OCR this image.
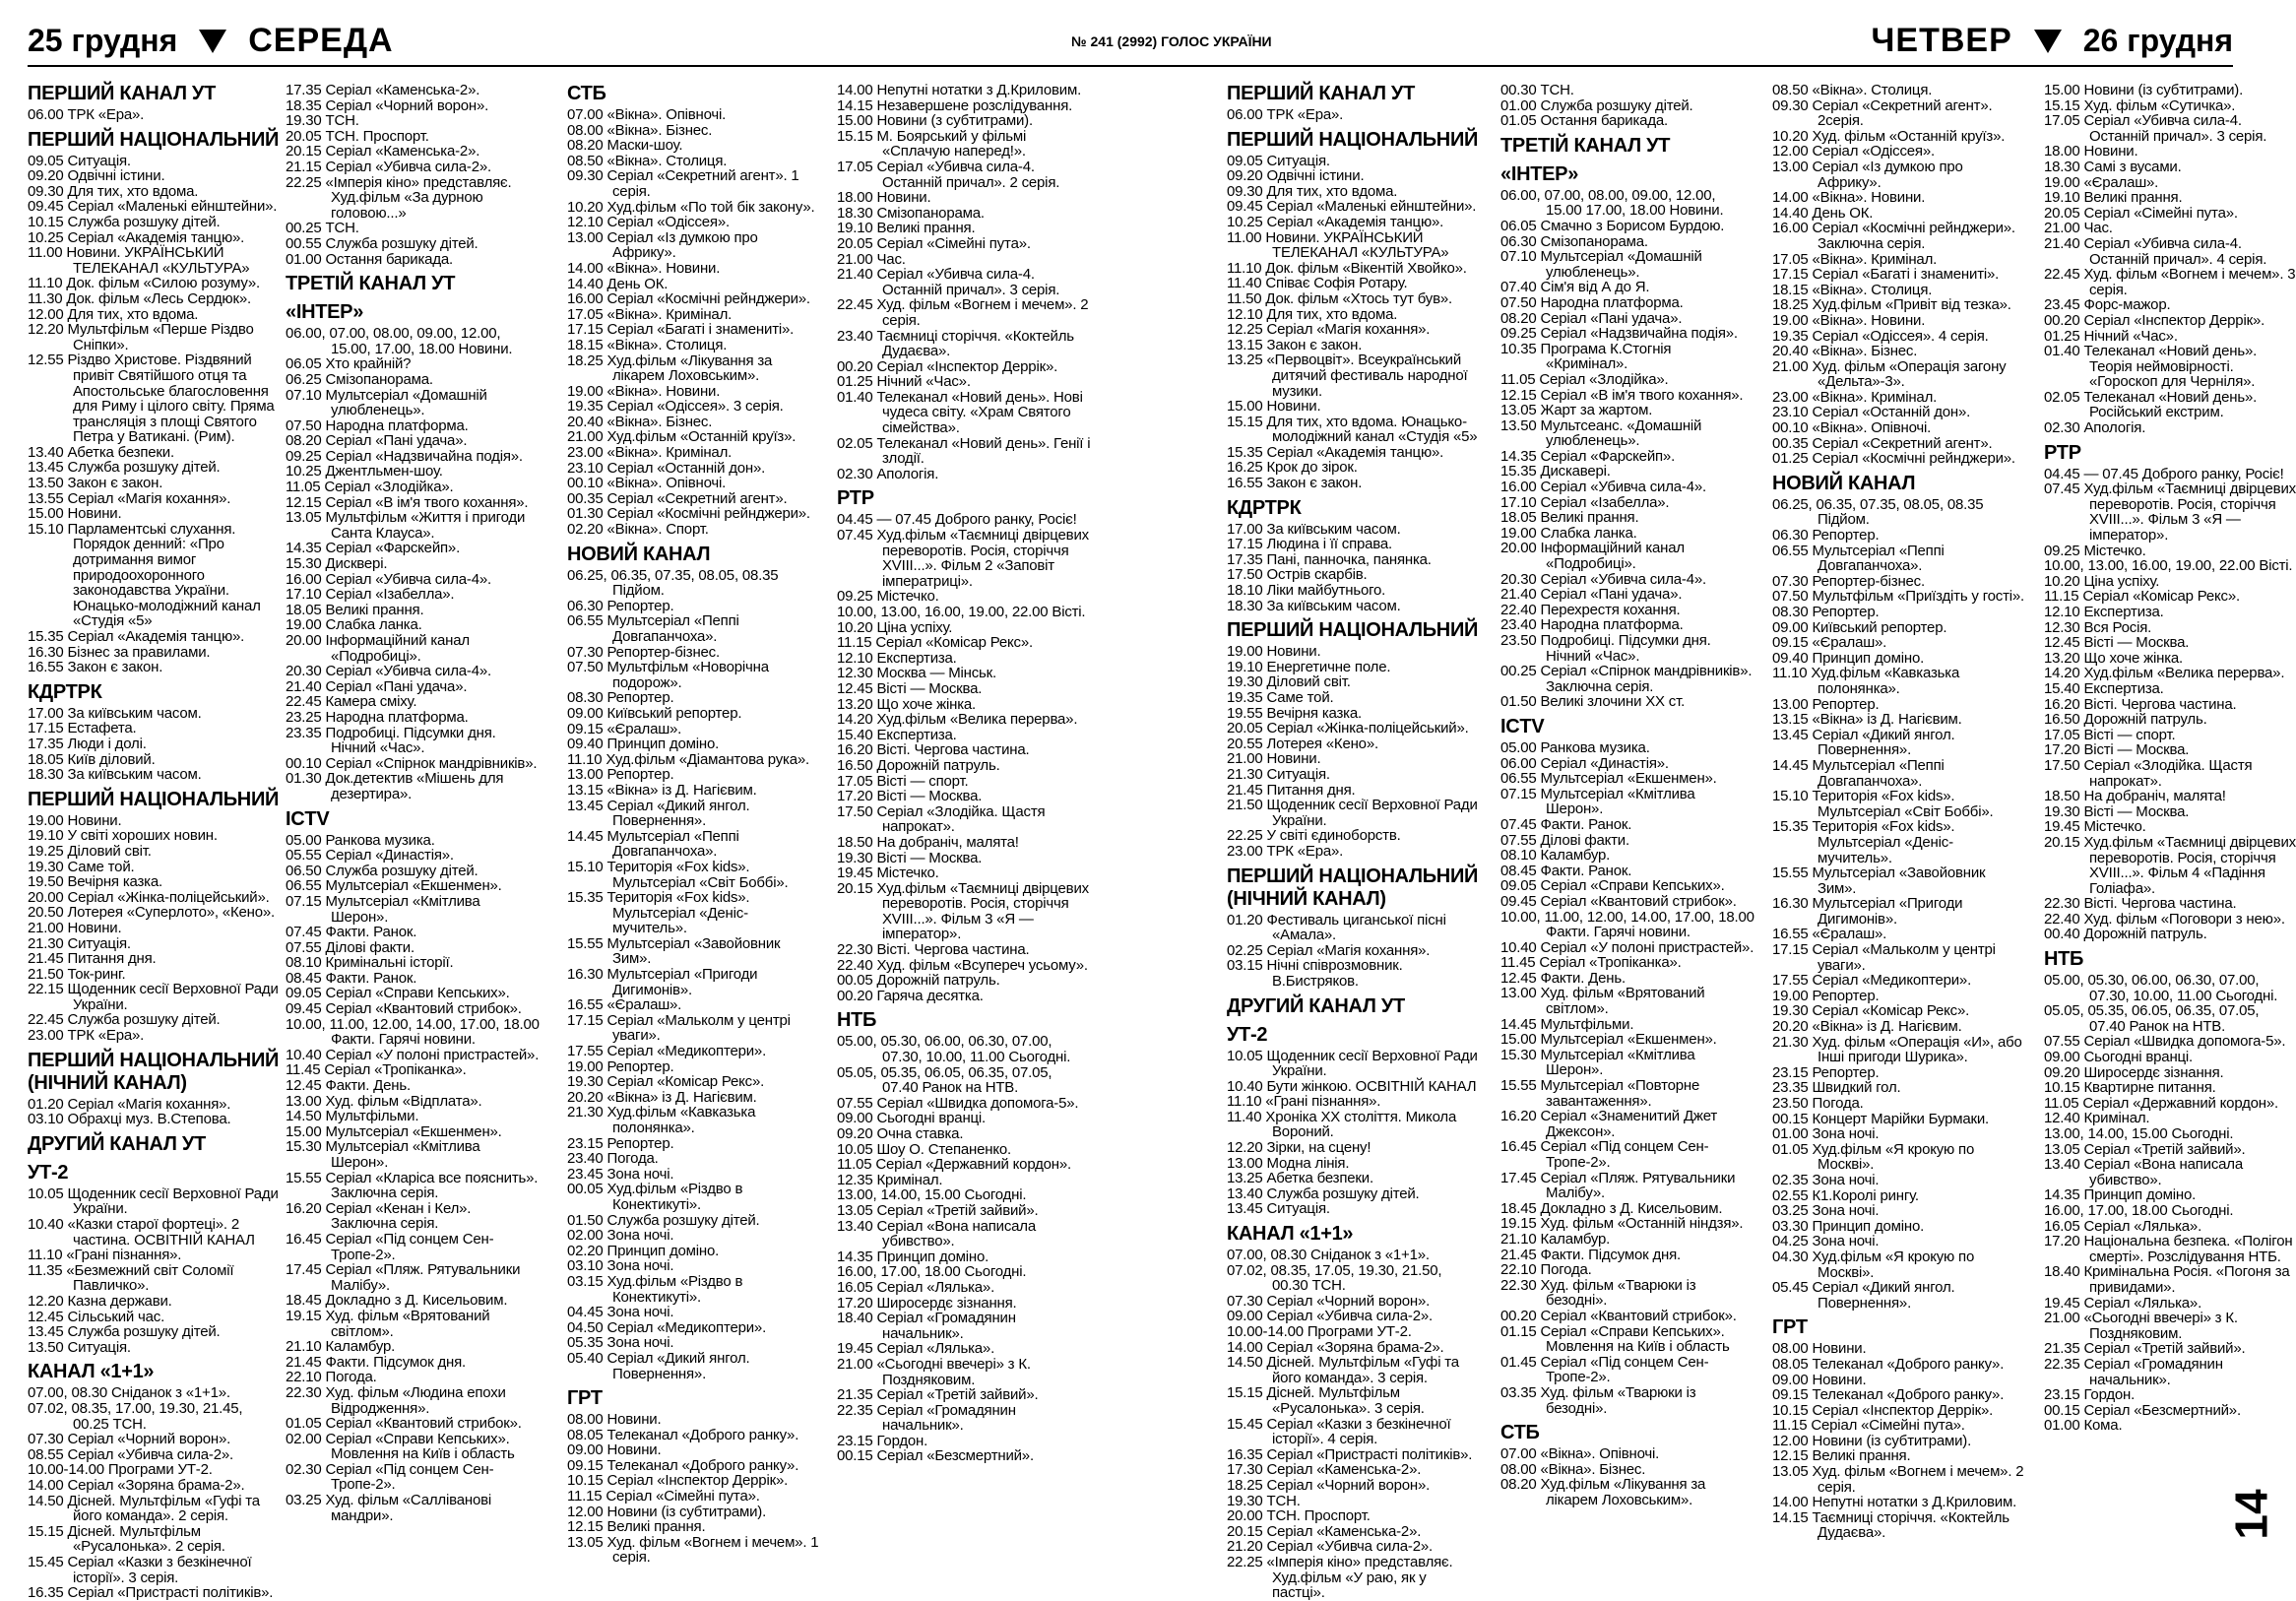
25 грудня СЕРЕДА	№ 241 (2992) ГОЛОС УКРАЇНИ	ЧЕТВЕР 26 грудня
ПЕРШИЙ КАНАЛ УТ
06.00 ТРК «Ера».
ПЕРШИЙ НАЦІОНАЛЬНИЙ
09.05 Ситуація.
09.20 Одвічні істини.
09.30 Для тих, хто вдома.
09.45 Серіал «Маленькі ейнштейни».
10.15 Служба розшуку дітей.
10.25 Серіал «Академія танцю».
11.00 Новини. УКРАЇНСЬКИЙ ТЕЛЕКАНАЛ «КУЛЬТУРА»
11.10 Док. фільм «Силою розуму».
11.30 Док. фільм «Лесь Сердюк».
12.00 Для тих, хто вдома.
12.20 Мультфільм «Перше Різдво Сніпки».
12.55 Різдво Христове. Різдвяний привіт Святійшого отця та Апостольське благословення для Риму і цілого світу. Пряма трансляція з площі Святого Петра у Ватикані. (Рим).
13.40 Абетка безпеки.
13.45 Служба розшуку дітей.
13.50 Закон є закон.
13.55 Серіал «Магія кохання».
15.00 Новини.
15.10 Парламентські слухання. Порядок денний: «Про дотримання вимог природоохоронного законодавства України. Юнацько-молодіжний канал «Студія «5»
15.35 Серіал «Академія танцю».
16.30 Бізнес за правилами.
16.55 Закон є закон.
КДРТРК
17.00 За київським часом.
17.15 Естафета.
17.35 Люди і долі.
18.05 Київ діловий.
18.30 За київським часом.
ПЕРШИЙ НАЦІОНАЛЬНИЙ
19.00 Новини.
19.10 У світі хороших новин.
19.25 Діловий світ.
19.30 Саме той.
19.50 Вечірня казка.
20.00 Серіал «Жінка-поліцейський».
20.50 Лотерея «Суперлото», «Кено».
21.00 Новини.
21.30 Ситуація.
21.45 Питання дня.
21.50 Ток-ринг.
22.15 Щоденник сесії Верховної Ради України.
22.45 Служба розшуку дітей.
23.00 ТРК «Ера».
ПЕРШИЙ НАЦІОНАЛЬНИЙ (НІЧНИЙ КАНАЛ)
01.20 Серіал «Магія кохання».
03.10 Обрахці муз. В.Степова.
ДРУГИЙ КАНАЛ УТ
УТ-2
10.05 Щоденник сесії Верховної Ради України.
10.40 «Казки старої фортеці». 2 частина. ОСВІТНІЙ КАНАЛ
11.10 «Грані пізнання».
11.35 «Безмежний світ Соломії Павличко».
12.20 Казна держави.
12.45 Сільський час.
13.45 Служба розшуку дітей.
13.50 Ситуація.
КАНАЛ «1+1»
07.00, 08.30 Сніданок з «1+1».
07.02, 08.35, 17.00, 19.30, 21.45, 00.25 ТСН.
07.30 Серіал «Чорний ворон».
08.55 Серіал «Убивча сила-2».
10.00-14.00 Програми УТ-2.
14.00 Серіал «Зоряна брама-2».
14.50 Дісней. Мультфільм «Гуфі та його команда». 2 серія.
15.15 Дісней. Мультфільм «Русалонька». 2 серія.
15.45 Серіал «Казки з безкінечної історії». 3 серія.
16.35 Серіал «Пристрасті політиків».
17.35 Серіал «Каменська-2».
18.35 Серіал «Чорний ворон».
19.30 ТСН.
20.05 ТСН. Проспорт.
20.15 Серіал «Каменська-2».
21.15 Серіал «Убивча сила-2».
22.25 «Імперія кіно» представляє. Худ.фільм «За дурною головою...»
00.25 ТСН.
00.55 Служба розшуку дітей.
01.00 Остання барикада.
ТРЕТІЙ КАНАЛ УТ
«ІНТЕР»
06.00, 07.00, 08.00, 09.00, 12.00, 15.00, 17.00, 18.00 Новини.
06.05 Хто крайній?
06.25 Смізопанорама.
07.10 Мультсеріал «Домашній улюбленець».
07.50 Народна платформа.
08.20 Серіал «Пані удача».
09.25 Серіал «Надзвичайна подія».
10.25 Джентльмен-шоу.
11.05 Серіал «Злодійка».
12.15 Серіал «В ім'я твого кохання».
13.05 Мультфільм «Життя і пригоди Санта Клауса».
14.35 Серіал «Фарскейп».
15.30 Дисквері.
16.00 Серіал «Убивча сила-4».
17.10 Серіал «Ізабелла».
18.05 Великі прання.
19.00 Слабка ланка.
20.00 Інформаційний канал «Подробиці».
20.30 Серіал «Убивча сила-4».
21.40 Серіал «Пані удача».
22.45 Камера сміху.
23.25 Народна платформа.
23.35 Подробиці. Підсумки дня. Нічний «Час».
00.10 Серіал «Спірнок мандрівників».
01.30 Док.детектив «Мішень для дезертира».
ICTV
05.00 Ранкова музика.
05.55 Серіал «Династія».
06.50 Служба розшуку дітей.
06.55 Мультсеріал «Екшенмен».
07.15 Мультсеріал «Кмітлива Шерон».
07.45 Факти. Ранок.
07.55 Ділові факти.
08.10 Кримінальні історії.
08.45 Факти. Ранок.
09.05 Серіал «Справи Кепських».
09.45 Серіал «Квантовий стрибок».
10.00, 11.00, 12.00, 14.00, 17.00, 18.00 Факти. Гарячі новини.
10.40 Серіал «У полоні пристрастей».
11.45 Серіал «Тропіканка».
12.45 Факти. День.
13.00 Худ. фільм «Відплата».
14.50 Мультфільми.
15.00 Мультсеріал «Екшенмен».
15.30 Мультсеріал «Кмітлива Шерон».
15.55 Серіал «Кларіса все пояснить». Заключна серія.
16.20 Серіал «Кенан і Кел». Заключна серія.
16.45 Серіал «Під сонцем Сен-Тропе-2».
17.45 Серіал «Пляж. Рятувальники Малібу».
18.45 Доклaдно з Д. Кисельовим.
19.15 Худ. фільм «Врятований світлом».
21.10 Каламбур.
21.45 Факти. Підсумок дня.
22.10 Погода.
22.30 Худ. фільм «Людина епохи Відродження».
01.05 Серіал «Квантовий стрибок».
02.00 Серіал «Справи Кепських». Мовлення на Київ і область
02.30 Серіал «Під сонцем Сен-Тропе-2».
03.25 Худ. фільм «Салліванові мандри».
СТБ
07.00 «Вікна». Опівночі.
08.00 «Вікна». Бізнес.
08.20 Маски-шоу.
08.50 «Вікна». Столиця.
09.30 Серіал «Секретний агент». 1 серія.
10.20 Худ.фільм «По той бік закону».
12.10 Серіал «Одіссея».
13.00 Серіал «Із думкою про Африку».
14.00 «Вікна». Новини.
14.40 День ОК.
16.00 Серіал «Космічні рейнджери».
17.05 «Вікна». Кримінал.
17.15 Серіал «Багаті і знамениті».
18.15 «Вікна». Столиця.
18.25 Худ.фільм «Лікування за лікарем Лоховським».
19.00 «Вікна». Новини.
19.35 Серіал «Одіссея». 3 серія.
20.40 «Вікна». Бізнес.
21.00 Худ.фільм «Останній круїз».
23.00 «Вікна». Кримінал.
23.10 Серіал «Останній дон».
00.10 «Вікна». Опівночі.
00.35 Серіал «Секретний агент».
01.30 Серіал «Космічні рейнджери».
02.20 «Вікна». Спорт.
НОВИЙ КАНАЛ
06.25, 06.35, 07.35, 08.05, 08.35 Підйом.
06.30 Репортер.
06.55 Мультсеріал «Пеппі Довгапанчоха».
07.30 Репортер-бізнес.
07.50 Мультфільм «Новорічна подорож».
08.30 Репортер.
09.00 Київський репортер.
09.15 «Єралаш».
09.40 Принцип доміно.
11.10 Худ.фільм «Діамантова рука».
13.00 Репортер.
13.15 «Вікна» із Д. Нагієвим.
13.45 Серіал «Дикий янгол. Повернення».
14.45 Мультсеріал «Пеппі Довгапанчоха».
15.10 Територія «Fox kids». Мультсеріал «Світ Боббі».
15.35 Територія «Fox kids». Мультсеріал «Деніс-мучитель».
15.55 Мультсеріал «Завойовник Зим».
16.30 Мультсеріал «Пригоди Дигимонів».
16.55 «Єралаш».
17.15 Серіал «Мальколм у центрі уваги».
17.55 Серіал «Медикоптери».
19.00 Репортер.
19.30 Серіал «Комісар Рекс».
20.20 «Вікна» із Д. Нагієвим.
21.30 Худ.фільм «Кавказька полонянка».
23.15 Репортер.
23.40 Погода.
23.45 Зона ночі.
00.05 Худ.фільм «Різдво в Конектикуті».
01.50 Служба розшуку дітей.
02.00 Зона ночі.
02.20 Принцип доміно.
03.10 Зона ночі.
03.15 Худ.фільм «Різдво в Конектикуті».
04.45 Зона ночі.
04.50 Серіал «Медикоптери».
05.35 Зона ночі.
05.40 Серіал «Дикий янгол. Повернення».
ГРТ
08.00 Новини.
08.05 Телеканал «Доброго ранку».
09.00 Новини.
09.15 Телеканал «Доброго ранку».
10.15 Серіал «Інспектор Деррік».
11.15 Серіал «Сімейні путa».
12.00 Новини (із субтитрами).
12.15 Великі прання.
13.05 Худ. фільм «Вогнем і мечем». 1 серія.
14.00 Непутні нотатки з Д.Криловим.
14.15 Незавершене розслідування.
15.00 Новини (з субтитрами).
15.15 М. Боярський у фільмі «Сплачую наперед!».
17.05 Серіал «Убивча сила-4. Останній причал». 2 серія.
18.00 Новини.
18.30 Смізопанорама.
19.10 Великі прання.
20.05 Серіал «Сімейні путa».
21.00 Час.
21.40 Серіал «Убивча сила-4. Останній причал». 3 серія.
22.45 Худ. фільм «Вогнем і мечем». 2 серія.
23.40 Таємниці сторіччя. «Коктейль Дудаєва».
00.20 Серіал «Інспектор Деррік».
01.25 Нічний «Час».
01.40 Телеканал «Новий день». Нові чудеса світу. «Храм Святого сімейства».
02.05 Телеканал «Новий день». Генії і злодії.
02.30 Апологія.
РТР
04.45 — 07.45 Доброго ранку, Росіє!
07.45 Худ.фільм «Таємниці двірцевих переворотів. Росія, сторіччя XVIII...». Фільм 2 «Заповіт імператриці».
09.25 Містечко.
10.00, 13.00, 16.00, 19.00, 22.00 Вісті.
10.20 Ціна успіху.
11.15 Серіал «Комісар Рекс».
12.10 Експертиза.
12.30 Москва — Мінськ.
12.45 Вісті — Москва.
13.20 Що хоче жінка.
14.20 Худ.фільм «Велика перерва».
15.40 Експертиза.
16.20 Вісті. Чергова частина.
16.50 Дорожній патруль.
17.05 Вісті — спорт.
17.20 Вісті — Москва.
17.50 Серіал «Злодійка. Щастя напрокат».
18.50 На добраніч, малята!
19.30 Вісті — Москва.
19.45 Містечко.
20.15 Худ.фільм «Таємниці двірцевих переворотів. Росія, сторіччя XVIII...». Фільм 3 «Я — імператор».
22.30 Вісті. Чергова частина.
22.40 Худ. фільм «Всупереч усьому».
00.05 Дорожній патруль.
00.20 Гаряча десятка.
НТБ
05.00, 05.30, 06.00, 06.30, 07.00, 07.30, 10.00, 11.00 Сьогодні.
05.05, 05.35, 06.05, 06.35, 07.05, 07.40 Ранок на НТВ.
07.55 Серіал «Швидка допомога-5».
09.00 Сьогодні вранці.
09.20 Очна ставка.
10.05 Шоу О. Степаненко.
11.05 Серіал «Державний кордон».
12.35 Кримінал.
13.00, 14.00, 15.00 Сьогодні.
13.05 Серіал «Третій зайвий».
13.40 Серіал «Вона написала убивство».
14.35 Принцип доміно.
16.00, 17.00, 18.00 Сьогодні.
16.05 Серіал «Лялька».
17.20 Широсердє зізнання.
18.40 Серіал «Громадянин начальник».
19.45 Серіал «Лялька».
21.00 «Сьогодні ввечері» з К. Поздняковим.
21.35 Серіал «Третій зайвий».
22.35 Серіал «Громадянин начальник».
23.15 Гордон.
00.15 Серіал «Безсмертний».
ПЕРШИЙ КАНАЛ УТ
06.00 ТРК «Ера».
ПЕРШИЙ НАЦІОНАЛЬНИЙ
09.05 Ситуація.
09.20 Одвічні істини.
09.30 Для тих, хто вдома.
09.45 Серіал «Маленькі ейнштейни».
10.25 Серіал «Академія танцю».
11.00 Новини. УКРАЇНСЬКИЙ ТЕЛЕКАНАЛ «КУЛЬТУРА»
11.10 Док. фільм «Вікентій Хвойко».
11.40 Співає Софія Ротару.
11.50 Док. фільм «Хтось тут був».
12.10 Для тих, хто вдома.
12.25 Серіал «Магія кохання».
13.15 Закон є закон.
13.25 «Первоцвіт». Всеукраїнський дитячий фестиваль народної музики.
15.00 Новини.
15.15 Для тих, хто вдома. Юнацько-молодіжний канал «Студія «5»
15.35 Серіал «Академія танцю».
16.25 Крок до зірок.
16.55 Закон є закон.
КДРТРК
17.00 За київським часом.
17.15 Людина і її справа.
17.35 Пані, панночка, панянка.
17.50 Острів скарбів.
18.10 Ліки майбутнього.
18.30 За київським часом.
ПЕРШИЙ НАЦІОНАЛЬНИЙ
19.00 Новини.
19.10 Енергетичне поле.
19.30 Діловий світ.
19.35 Саме той.
19.55 Вечірня казка.
20.05 Серіал «Жінка-поліцейський».
20.55 Лотерея «Кено».
21.00 Новини.
21.30 Ситуація.
21.45 Питання дня.
21.50 Щоденник сесії Верховної Ради України.
22.25 У світі єдиноборств.
23.00 ТРК «Ера».
ПЕРШИЙ НАЦІОНАЛЬНИЙ (НІЧНИЙ КАНАЛ)
01.20 Фестиваль циганської пісні «Амала».
02.25 Серіал «Магія кохання».
03.15 Нічні співрозмовник. В.Бистряков.
ДРУГИЙ КАНАЛ УТ
УТ-2
10.05 Щоденник сесії Верховної Ради України.
10.40 Бути жінкою. ОСВІТНІЙ КАНАЛ
11.10 «Грані пізнання».
11.40 Хроніка XX століття. Микола Вороний.
12.20 Зірки, на сцену!
13.00 Модна лінія.
13.25 Абетка безпеки.
13.40 Служба розшуку дітей.
13.45 Ситуація.
КАНАЛ «1+1»
07.00, 08.30 Сніданок з «1+1».
07.02, 08.35, 17.05, 19.30, 21.50, 00.30 ТСН.
07.30 Серіал «Чорний ворон».
09.00 Серіал «Убивча сила-2».
10.00-14.00 Програми УТ-2.
14.00 Серіал «Зоряна брама-2».
14.50 Дісней. Мультфільм «Гуфі та його команда». 3 серія.
15.15 Дісней. Мультфільм «Русалонька». 3 серія.
15.45 Серіал «Казки з безкінечної історії». 4 серія.
16.35 Серіал «Пристрасті політиків».
17.30 Серіал «Каменська-2».
18.25 Серіал «Чорний ворон».
19.30 ТСН.
20.00 ТСН. Проспорт.
20.15 Серіал «Каменська-2».
21.20 Серіал «Убивча сила-2».
22.25 «Імперія кіно» представляє. Худ.фільм «У раю, як у пастці».
00.30 ТСН.
01.00 Служба розшуку дітей.
01.05 Остання барикада.
ТРЕТІЙ КАНАЛ УТ
«ІНТЕР»
06.00, 07.00, 08.00, 09.00, 12.00, 15.00 17.00, 18.00 Новини.
06.05 Смачно з Борисом Бурдою.
06.30 Смізопанорама.
07.10 Мультсеріал «Домашній улюбленець».
07.40 Сім'я від А до Я.
07.50 Народна платформа.
08.20 Серіал «Пані удача».
09.25 Серіал «Надзвичайна подія».
10.35 Програма К.Стогнія «Кримінал».
11.05 Серіал «Злодійка».
12.15 Серіал «В ім'я твого кохання».
13.05 Жарт за жартом.
13.50 Мультсеанс. «Домашній улюбленець».
14.35 Серіал «Фарскейп».
15.35 Дискавері.
16.00 Серіал «Убивча сила-4».
17.10 Серіал «Ізабелла».
18.05 Великі прання.
19.00 Слабка ланка.
20.00 Інформаційний канал «Подробиці».
20.30 Серіал «Убивча сила-4».
21.40 Серіал «Пані удача».
22.40 Перехрестя кохання.
23.40 Народна платформа.
23.50 Подробиці. Підсумки дня. Нічний «Час».
00.25 Серіал «Спірнок мандрівників». Заключна серія.
01.50 Великі злочини XX ст.
ICTV
05.00 Ранкова музика.
06.00 Серіал «Династія».
06.55 Мультсеріал «Екшенмен».
07.15 Мультсеріал «Кмітлива Шерон».
07.45 Факти. Ранок.
07.55 Ділові факти.
08.10 Каламбур.
08.45 Факти. Ранок.
09.05 Серіал «Справи Кепських».
09.45 Серіал «Квантовий стрибок».
10.00, 11.00, 12.00, 14.00, 17.00, 18.00 Факти. Гарячі новини.
10.40 Серіал «У полоні пристрастей».
11.45 Серіал «Тропіканка».
12.45 Факти. День.
13.00 Худ. фільм «Врятований світлом».
14.45 Мультфільми.
15.00 Мультсеріал «Екшенмен».
15.30 Мультсеріал «Кмітлива Шерон».
15.55 Мультсеріал «Повторне завантаження».
16.20 Серіал «Знаменитий Джет Джексон».
16.45 Серіал «Під сонцем Сен-Тропе-2».
17.45 Серіал «Пляж. Рятувальники Малібу».
18.45 Доклaдно з Д. Кисельовим.
19.15 Худ. фільм «Останній ніндзя».
21.10 Каламбур.
21.45 Факти. Підсумок дня.
22.10 Погода.
22.30 Худ. фільм «Тварюки із безодні».
00.20 Серіал «Квантовий стрибок».
01.15 Серіал «Справи Кепських». Мовлення на Київ і область
01.45 Серіал «Під сонцем Сен-Тропе-2».
03.35 Худ. фільм «Тварюки із безодні».
СТБ
07.00 «Вікна». Опівночі.
08.00 «Вікна». Бізнес.
08.20 Худ.фільм «Лікування за лікарем Лоховським».
08.50 «Вікна». Столиця.
09.30 Серіал «Секретний агент». 2серія.
10.20 Худ. фільм «Останній круїз».
12.00 Серіал «Одіссея».
13.00 Серіал «Із думкою про Африку».
14.00 «Вікна». Новини.
14.40 День ОК.
16.00 Серіал «Космічні рейнджери». Заключна серія.
17.05 «Вікна». Кримінал.
17.15 Серіал «Багаті і знамениті».
18.15 «Вікна». Столиця.
18.25 Худ.фільм «Привіт від тезка».
19.00 «Вікна». Новини.
19.35 Серіал «Одіссея». 4 серія.
20.40 «Вікна». Бізнес.
21.00 Худ. фільм «Операція загону «Дельта»-3».
23.00 «Вікна». Кримінал.
23.10 Серіал «Останній дон».
00.10 «Вікна». Опівночі.
00.35 Серіал «Секретний агент».
01.25 Серіал «Космічні рейнджери».
НОВИЙ КАНАЛ
06.25, 06.35, 07.35, 08.05, 08.35 Підйом.
06.30 Репортер.
06.55 Мультсеріал «Пеппі Довгапанчоха».
07.30 Репортер-бізнес.
07.50 Мультфільм «Приїздіть у гості».
08.30 Репортер.
09.00 Київський репортер.
09.15 «Єралаш».
09.40 Принцип доміно.
11.10 Худ.фільм «Кавказька полонянка».
13.00 Репортер.
13.15 «Вікна» із Д. Нагієвим.
13.45 Серіал «Дикий янгол. Повернення».
14.45 Мультсеріал «Пеппі Довгапанчоха».
15.10 Територія «Fox kids». Мультсеріал «Світ Боббі».
15.35 Територія «Fox kids». Мультсеріал «Деніс-мучитель».
15.55 Мультсеріал «Завойовник Зим».
16.30 Мультсеріал «Пригоди Дигимонів».
16.55 «Єралаш».
17.15 Серіал «Мальколм у центрі уваги».
17.55 Серіал «Медикоптери».
19.00 Репортер.
19.30 Серіал «Комісар Рекс».
20.20 «Вікна» із Д. Нагієвим.
21.30 Худ. фільм «Операція «И», або Інші пригоди Шурика».
23.15 Репортер.
23.35 Швидкий гол.
23.50 Погода.
00.15 Концерт Марійки Бурмаки.
01.00 Зона ночі.
01.05 Худ.фільм «Я крокую по Москві».
02.35 Зона ночі.
02.55 К1.Королі рингу.
03.25 Зона ночі.
03.30 Принцип доміно.
04.25 Зона ночі.
04.30 Худ.фільм «Я крокую по Москві».
05.45 Серіал «Дикий янгол. Повернення».
ГРТ
08.00 Новини.
08.05 Телеканал «Доброго ранку».
09.00 Новини.
09.15 Телеканал «Доброго ранку».
10.15 Серіал «Інспектор Деррік».
11.15 Серіал «Сімейні путa».
12.00 Новини (із субтитрами).
12.15 Великі прання.
13.05 Худ. фільм «Вогнем і мечем». 2 серія.
14.00 Непутні нотатки з Д.Криловим.
14.15 Таємниці сторіччя. «Коктейль Дудаєва».
15.00 Новини (із субтитрами).
15.15 Худ. фільм «Сутичка».
17.05 Серіал «Убивча сила-4. Останній причал». 3 серія.
18.00 Новини.
18.30 Самі з вусами.
19.00 «Єралаш».
19.10 Великі прання.
20.05 Серіал «Сімейні путa».
21.00 Час.
21.40 Серіал «Убивча сила-4. Останній причал». 4 серія.
22.45 Худ. фільм «Вогнем і мечем». 3 серія.
23.45 Форс-мажор.
00.20 Серіал «Інспектор Деррік».
01.25 Нічний «Час».
01.40 Телеканал «Новий день». Теорія неймовірності. «Гороскоп для Черніля».
02.05 Телеканал «Новий день». Російський екстрим.
02.30 Апологія.
РТР
04.45 — 07.45 Доброго ранку, Росіє!
07.45 Худ.фільм «Таємниці двірцевих переворотів. Росія, сторіччя XVIII...». Фільм 3 «Я — імператор».
09.25 Містечко.
10.00, 13.00, 16.00, 19.00, 22.00 Вісті.
10.20 Ціна успіху.
11.15 Серіал «Комісар Рекс».
12.10 Експертиза.
12.30 Вся Росія.
12.45 Вісті — Москва.
13.20 Що хоче жінка.
14.20 Худ.фільм «Велика перерва».
15.40 Експертиза.
16.20 Вісті. Чергова частина.
16.50 Дорожній патруль.
17.05 Вісті — спорт.
17.20 Вісті — Москва.
17.50 Серіал «Злодійка. Щастя напрокат».
18.50 На добраніч, малята!
19.30 Вісті — Москва.
19.45 Містечко.
20.15 Худ.фільм «Таємниці двірцевих переворотів. Росія, сторіччя XVIII...». Фільм 4 «Падіння Голіафа».
22.30 Вісті. Чергова частина.
22.40 Худ. фільм «Поговори з нею».
00.40 Дорожній патруль.
НТБ
05.00, 05.30, 06.00, 06.30, 07.00, 07.30, 10.00, 11.00 Сьогодні.
05.05, 05.35, 06.05, 06.35, 07.05, 07.40 Ранок на НТВ.
07.55 Серіал «Швидка допомога-5».
09.00 Сьогодні вранці.
09.20 Широсердє зізнання.
10.15 Квартирне питання.
11.05 Серіал «Державний кордон».
12.40 Кримінал.
13.00, 14.00, 15.00 Сьогодні.
13.05 Серіал «Третій зайвий».
13.40 Серіал «Вона написала убивство».
14.35 Принцип доміно.
16.00, 17.00, 18.00 Сьогодні.
16.05 Серіал «Лялька».
17.20 Національна безпека. «Полігон смерті». Розслідування НТБ.
18.40 Кримінальна Росія. «Погоня за привидами».
19.45 Серіал «Лялька».
21.00 «Сьогодні ввечері» з К. Поздняковим.
21.35 Серіал «Третій зайвий».
22.35 Серіал «Громадянин начальник».
23.15 Гордон.
00.15 Серіал «Безсмертний».
01.00 Кома.
14
